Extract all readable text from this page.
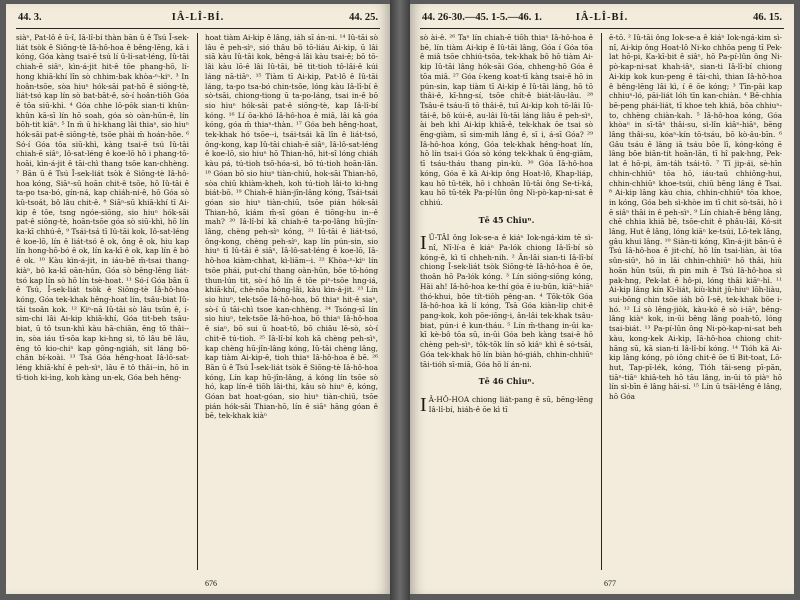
44. 3.	IÂ-LÎ-BÍ.	44. 25.

siàⁿ, Pat-lô ê ū-î, Iâ-lî-bí thàn bān ū ê Tsú Î-sek-liát tsòk ê Siōng-tè Iâ-hô-hoa ê bêng-lēng, kā i kóng, Góa kàng tsai-ē tsú lí ū-lí-sat-léng, Iû-tāi chiah-ē siâⁿ, kìn-á-jit hit-ê tōe phang-hō, lí-hong khiā-khí lîn sò chhim-bak khòa-ⁿ-kiⁿ. ³ In hoân-tsōe, sòa hiuⁿ hók-sāi pat-hō ê siōng-tè, liát-tsó kap lín sò bat-bāt-ê, sò-í hoân-tiōh Góa ê tōa siū-khì. ⁴ Góa chhe lō-pōk sian-ti khûn-khûn kā-sī lín hō soah, góa sò oàn-hūn-ê, lín bōh-tit kiāⁿ. ⁵ In m̄ ū hi-khang lâi thiaⁿ, sio hiuⁿ hók-sāi pat-ê siōng-tè, tsōe phài m̄ hoán-hōe. ⁶ Só-í Góa tōa siū-khì, kàng tsai-ē tsú Iû-tāi chiah-ē siâⁿ, Iô-sat-léng ê koe-lō hō i phang-tō-hoāi, kìn-á-jit ê tāi-chì thang tsōe kan-chhèng. ⁷ Bān ū ê Tsú Î-sek-liát tsòk ê Siōng-tè Iâ-hô-hoa kóng, Siāⁿ-sū hoān chit-ê tsōe, hō Iû-tāi ê ta-po tsa-bó, gín-ná, kap chiáh-ni-ê, hō Góa sò kû-tsoát, bô lâu chit-ê. ⁸ Siāⁿ-sū khiā-khí tī Ai-kip ê tōe, tsng ngóe-siōng, sio hiuⁿ hók-sāi pat-ê siōng-tè, hoān-tsōe góa sò siū-khì, hō lín ka-kī chhú-ê, ⁹ Tsái-tsá tī Iû-tāi kok, Iô-sat-léng ê koe-lō, lín ê liát-tsó ê ok, ông ê ok, hiu kap lín hong-hō-bó ê ok, lín ka-kī ê ok, kap lín ê bó ê ok. ¹⁰ Kàu kìn-á-jit, in iáu-bē m̄-tsai thang-kiàⁿ, bô ka-kī oān-hūn, Góa sò bêng-lēng liát-tsó kap lín sò hō lín tsè-hoat. ¹¹ Só-í Góa bān ū ê Tsú, Î-sek-liát tsòk ê Siōng-tè Iâ-hô-hoa kóng, Góa tek-khak hêng-hoat lín, tsâu-biat Iû-tāi tsoân kok. ¹² Kiⁿ-nā Iû-tāi sò lâu tsûn ê, í-sim-chi lâi Ai-kip khiā-khí, Góa tit-beh tsâu-biat, ū tô tsun-khì kàu hā-chiān, ēng tō thâi--in, sòa iáu tî-sōa kap ki-hng si, tō lâu bē lâu, ēng tō kio-chiⁿ kap gōng-ngiáh, sit láng bō-chân bí-koài. ¹³ Tsá Góa hêng-hoat Iâ-lô-sat-léng khiā-khí ê peh-sìⁿ, lâu ē tô thâi--in, hō in tî-tioh ki-ìng, koh kàng un-ek, Góa beh hêng-

hoat tiàm Ai-kip ê lâng, iáh sī án-ni. ¹⁴ Iû-tāi sò lâu ē peh-sìⁿ, sió thâu bō tō-liáu Ai-kip, ū lâi siā kàu Iû-tāi kok, bêng-á lâi kàu tsai-ē; bō tō-lâi kàu lō-ê lâi Iû-tāi, bē tit-tioh tô-lâi-ê kúi láng nā-tiāⁿ. ¹⁵ Tiàm tī Ai-kip, Pat-lô ê Iû-tāi láng, ta-po tsa-bó chin-tsōe, lóng kàu Iâ-lî-bí ê sò-tsāi, chiong-tiong ū ta-po-láng, tsai in-ê bō sio hiuⁿ hók-sāi pat-ê siōng-tè, kap Iâ-lî-bí kóng. ¹⁶ Lí ōa-khó Iâ-hô-hoa ê miâ, lâi kā góa kóng, góa m̄ thiaⁿ-thàn. ¹⁷ Góa beh hêng-hoat, tek-khak hó tsōe--i, tsái-tsái kā lîn ê liát-tsó, ông-kong, kap Iû-tāi chiah-ē siâⁿ, Iâ-lô-sat-léng ê koe-lō, sio hiuⁿ hō Thian-hō, hit-sî lóng chiáh kàu pá, tú-tioh tsō-hóa-sì, bō tú-tioh hoān-lān. ¹⁸ Góan bō sio hiuⁿ tiàn-chiū, hok-sāi Thian-hō, sòa chiū khiàm-kheh, koh tú-tioh lâi-to ki-hng biát-bō. ¹⁹ Chiah-ē hiàn-jîn-lâng kóng, Tsái-tsái góan sio hiuⁿ tiàn-chiū, tsōe pián hók-sāi Thian-hō, kiám m̄-sī góan ê tiōng-hu in--ê mah? ²⁰ Iâ-lî-bí kā chiah-ē ta-po-lâng hū-jîn-lâng, chèng peh-sìⁿ kóng, ²¹ Iû-tāi ê liát-tsó, ông-kong, chèng peh-sìⁿ, kap lín pún-sin, sio hiuⁿ tī Iû-tāi ê siâⁿ, Iâ-lô-sat-léng ê koe-lō, Iâ-hô-hoa kiàm-chhat, kì-liām--i. ²² Khòa-ⁿ-kiⁿ lín tsōe phái, put-chí thang oàn-hūn, bōe tō-hóng thun-lún tit, sò-í hō lín ê tōe piⁿ-tsōe hng-iá, khiā-khí, chè-nōa bōng-lâi, kàu kìn-á-jit. ²³ Lín sio hiuⁿ, tek-tsōe Iâ-hô-hoa, bō thiaⁿ hit-ê siaⁿ, sò-í ū tāi-chì tsoe kan-chhèng. ²⁴ Tsóng-sī lín sio hiuⁿ, tek-tsōe Iâ-hô-hoa, bō thiaⁿ Iâ-hô-hoa ê siaⁿ, bō sui ū hoat-tō, bō chiâu lē-sò, sò-í chit-ē tú-tioh. ²⁵ Iâ-lî-bí koh kā chèng peh-sìⁿ, kap chèng hū-jîn-lâng kóng, Iû-tāi chèng lâng, kap tiàm Ai-kip-ê, tioh thiaⁿ Iâ-hô-hoa ê bē. ²⁶ Bān ū ê Tsú Î-sek-liát tsòk ê Siōng-tè Iâ-hô-hoa kóng, Lín kap hū-jîn-lâng, á kóng lín tsōe sò hó, kap lín-ê tiōh lâi-thi, kâu sò hiuⁿ ê, kóng, Góan bat hoat-góan, sio hiuⁿ tiàn-chiū, tsōe pián hók-sāi Thian-hō, lín ê siāⁿ hāng góan ê bē, tek-khak kiàⁿ

676
44. 26-30.—45. 1-5.—46. 1.	IÂ-LÎ-BÍ.	46. 15.

sò ài-ê. ²⁶ Taⁿ lín chiah-ē tiōh thiaⁿ Iâ-hô-hoa ê bē, lín tiàm Ai-kip ê Iû-tāi lâng, Góa í Góa tōa ê miâ tsōe chhiú-tsōa, tek-khak bô hō tiàm Ai-kip Iû-tāi lâng hók-sāi Góa, chheng-hō Góa ê tōa miâ. ²⁷ Góa í-keng koat-tī kàng tsai-ē hō in pún-sin, kap tiàm tī Ai-kip ê Iû-tāi láng, hō tō thâi-ê, kī-hng-sí, tsōe chít-ê biát-lâu-lâu. ²⁸ Tsâu-ē tsáu-lī tō thâi-ê, tuī Ai-kip koh tō-lâi Iû-tāi-ê, bô kúi-ê, au-lâi Iû-tāi láng liâu ê peh-sìⁿ, ài beh khì Ai-kip khiā-ê, tek-khak ōe tsai sò ēng-giàm, sī sim-mih lâng ê, sī i, á-sī Góa? ²⁹ Iâ-hô-hoa kóng, Góa tek-khak hêng-hoat lín, hō lín tsai-i Góa sò kóng tek-khak ū ēng-giām, tī tsáu-tháu thang pìn-kù. ³⁰ Góa Iâ-hô-hoa kóng, Góa ē kā Ai-kip ông Hoat-lô, Khap-liáp, kau hō tū-ték, hō i chhoān Iû-tāi ông Se-tí-ká, kau hō tū-ték Pa-pí-lûn ông Ni-pò-kap-ni-sat ê chhiú.

Tē 45 Chiuⁿ.

IÛ-TÂI ông Iok-se-a ê kiáⁿ Iok-ngá-kim tē sì-nî, Nî-lí-a ê kiáⁿ Pa-lók chiong Iâ-lî-bí sò kóng-ē, kì tī chheh-nih. ² Ân-lâi sian-ti Iâ-lî-bí chiong Î-sek-liát tsòk Siōng-tè Iâ-hô-hoa ê ōe, thoân hō Pa-lók kóng. ³ Lín siōng-siōng kóng, Hāi ah! Iâ-hô-hoa ke-thí góa ē iu-bûn, kiāⁿ-hiāⁿ thó-khui, bōe tít-tiōh pêng-an. ⁴ Tōk-tōk Góa Iâ-hô-hoa kā lí kóng, Tsā Góa kiàn-lip chit-ê pang-kok, koh pōe-iōng-i, ân-lâi tek-khak tsâu-biat, pún-i ê kun-tháu. ⁵ Lín m̄-thang in-ūi ka-kī kè-bô tōa sū, in-ūi Góa beh kàng tsai-ē hō chèng peh-sìⁿ, tōk-tōk lín sō kiâⁿ khì ê só-tsāi, Góa tek-khak hō lín biàn hó-giáh, chhin-chhiūⁿ tāi-tióh sī-miā, Góa hō lí án-ni.

Tē 46 Chiuⁿ.

IÂ-HÔ-HOA chiong liát-pang ê sū, bēng-lēng Iâ-lî-bí, hiáh-ê ōe kì tī

ē-tō. ² Iû-tāi ông Iok-se-a ê kiáⁿ Iok-ngá-kim sì-nî, Ai-kip ông Hoat-lô Ni-ko chhōa peng tī Pek-lat hō-pi, Ka-kī-bit ê siâⁿ, hō Pa-pí-lûn ông Ni-pò-kap-ni-sat khah-iâⁿ, sian-ti Iâ-lî-bí chiong Ai-kip kok kun-peng ê tāi-chì, thian Iâ-hô-hoa ê bêng-lēng lâi kì, í ê ōe kóng; ³ Tīn-pâi kap chhiuⁿ-ló, pāi-liát lóh tīn kan-chiàn. ⁴ Bē-chhia bē-peng phái-liát, tī khoe teh khiâ, bōa chhiuⁿ-to, chhèng chiàn-kah. ⁵ Iâ-hô-hoa kóng, Góa khòaⁿ in sī-tāⁿ thâi-su, sì-lîn kiāⁿ-hiāⁿ, bēng lâng thâi-su, kóaⁿ-kín tō-tsáu, bō kò-âu-bīn. ⁶ Gâu tsáu ê lâng iā tsáu bōe lī, kóng-kóng ē lâng bōe biān-tit hoān-lān, tī hî pak-hng, Pek-lat ê hō-pi, ām-táh tsái-tō. ⁷ Tī jip-ái, sè-hīn chhin-chhiūⁿ tōa hō, iáu-taū chhiōng-hui, chhin-chhiūⁿ khoe-tsúi, chiū bēng lâng ê Tsai. ⁸ Ai-kip lâng kàu chia, chhin-chhiūⁿ tōa khoe, in kóng, Góa beh sì-khòe im tī chit sò-tsāi, hō i ē siâⁿ thâi in ê peh-sìⁿ. ⁹ Lín chiah-ē bêng lâng, chē chhia khiā bē, tsōe-chit ê phâu-lâi, Kó-sit lâng, Hut ê lâng, lóng kiāⁿ ke-tsúi, Lō-tek lâng, gâu khui lâng. ¹⁰ Siàn-ti kóng, Kìn-á-jit bān-ū ê Tsú Iâ-hô-hoa ê jit-chí, hō lín tsai-liàn, ài tōa sûn-siūⁿ, hō in lâi chhin-chhiūⁿ hō thâi, hiù hoān hūn tsūi, m̄ pin mih ê Tsú Iâ-hô-hoa sì pak-hng, Pek-lat ê hô-pi, lóng thâi kiāⁿ-hì. ¹¹ Ai-kip lâng kín Ki-liát, kiù-khit jû-hiuⁿ lōh-liàu, sui-bōng chin tsōe iáh bō I-sê, tek-khak bōe i-hó. ¹² Lí sò lêng-jiòk, kàu-kò ê sò i-iāⁿ, bêng-lâng kiàⁿ kok, in-ūi bêng lâng poah-tō, lóng tsai-biát. ¹³ Pa-pí-lûn ông Ni-pò-kap-ni-sat beh kàu, kong-kek Ai-kip, Iâ-hô-hoa chiong chit-hāng sū, kā sian-ti Iâ-lî-bí kóng. ¹⁴ Tióh kā Ai-kip lâng kóng, pò iōng chit-ê ōe tī Bit-toat, Lō-hut, Tap-pī-lék, kóng, Tióh tāi-seng pī-pān, tiāⁿ-tiāⁿ khiā-teh hō tāu lâng, in-ūi tō piàⁿ hō lín sì-bīn ê lâng hāi-sí. ¹⁵ Lín ū tsāi-lêng ê lâng, hō Góa

677
